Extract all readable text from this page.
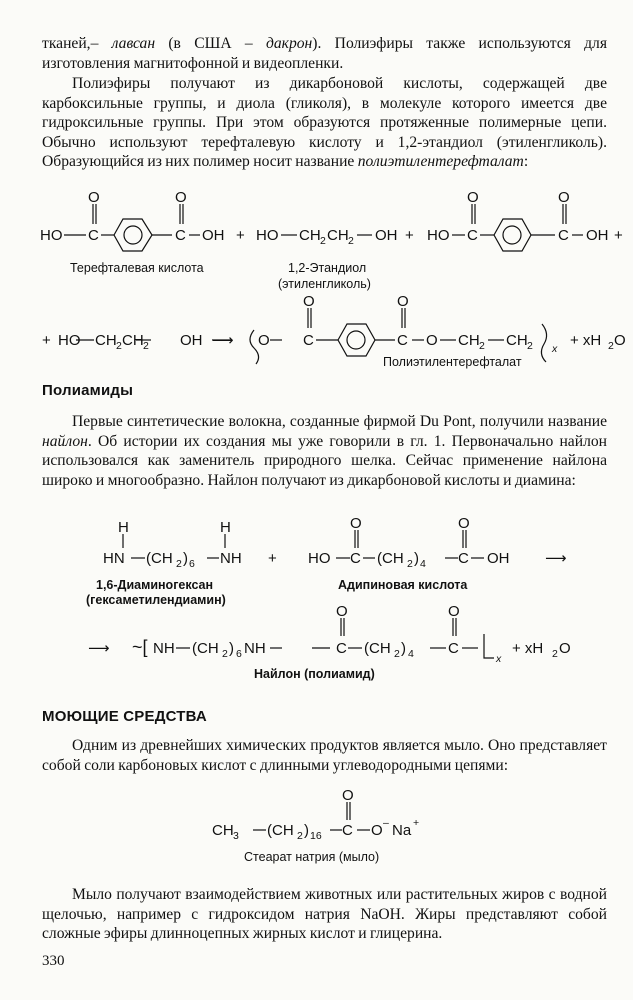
тканей,– лавсан (в США – дакрон). Полиэфиры также используются для изготовления магнитофонной и видеопленки.
Полиэфиры получают из дикарбоновой кислоты, содержащей две карбоксильные группы, и диола (гликоля), в молекуле которого имеется две гидроксильные группы. При этом образуются протяженные полимерные цепи. Обычно используют терефталевую кислоту и 1,2-этандиол (этиленгликоль). Образующийся из них полимер носит название полиэтилентерефталат:
O	O
HO C	C OH + HO CH 2 CH 2 OH + HO
O	O
C	C OH +
Терефталевая кислота	1,2-Этандиол
(этиленгликоль)
+ HO CH 2 CH 2 OH ⟶ O
O
C
O
C O CH 2 CH 2 x + xH 2 O
Полиэтилентерефталат
Полиамиды
Первые синтетические волокна, созданные фирмой Du Pont, получили название найлон. Об истории их создания мы уже говорили в гл. 1. Первоначально найлон использовался как заменитель природного шелка. Сейчас применение найлона широко и многообразно. Найлон получают из дикарбоновой кислоты и диамина:
H	H
HN (CH 2 ) 6 NH + HO
O
C (CH 2 ) 4
O
C OH ⟶
1,6-Диаминогексан
(гексаметилендиамин)
Адипиновая кислота
⟶ ~[ NH (CH 2 ) 6 NH
O
C (CH 2 ) 4
O
C
x
+ xH 2 O
Найлон (полиамид)
МОЮЩИЕ СРЕДСТВА
Одним из древнейших химических продуктов является мыло. Оно представляет собой соли карбоновых кислот с длинными углеводородными цепями:
CH 3 (CH 2 ) 16
O
C O – Na +
Стеарат натрия (мыло)
Мыло получают взаимодействием животных или растительных жиров с водной щелочью, например с гидроксидом натрия NaOH. Жиры представляют собой сложные эфиры длинноцепных жирных кислот и глицерина.
330
